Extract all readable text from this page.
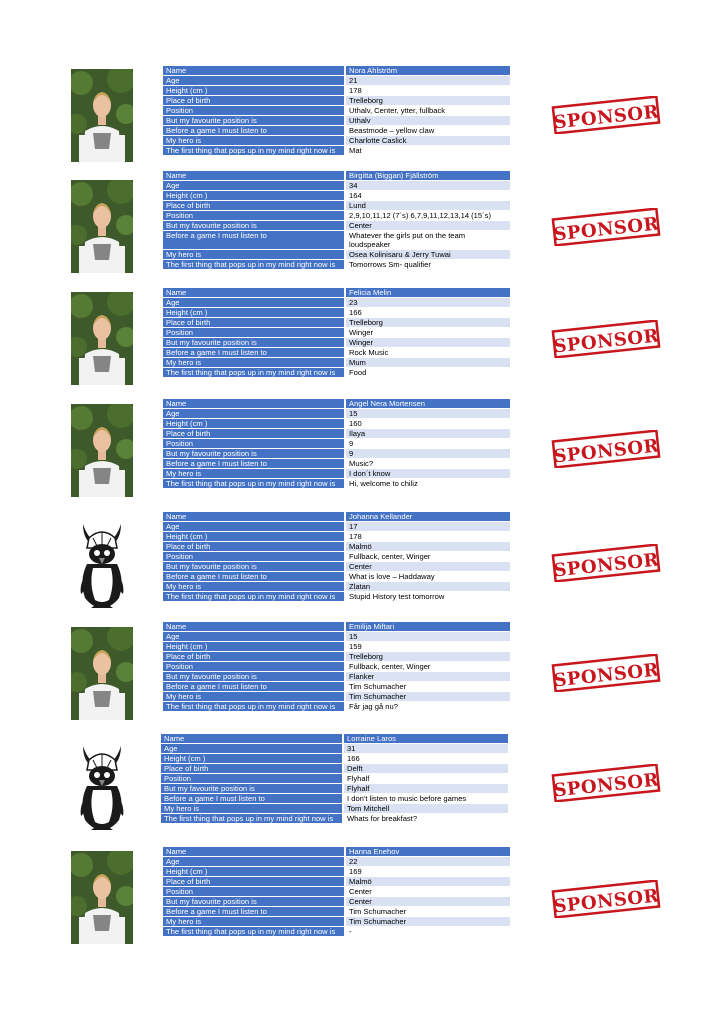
Name	Nora Ahlström
Age	21
Height (cm )	178
Place of birth	Trelleborg
Position	Uthalv, Center, ytter, fullback
But my favourite position is	Uthalv
Before a game I must listen to	Beastmode – yellow claw
My hero is	Charlotte Caslick
The first thing that pops up in my mind right now is	Mat
SPONSOR
Name	Birgitta (Biggan) Fjällström
Age	34
Height (cm )	164
Place of birth	Lund
Position	2,9,10,11,12 (7´s) 6,7,9,11,12,13,14 (15´s)
But my favourite position is	Center
Before a game I must listen to	Whatever the girls put on the team loudspeaker
My hero is	Osea Kolinisaru & Jerry Tuwai
The first thing that pops up in my mind right now is	Tomorrows Sm- qualifier
SPONSOR
Name	Felicia Melin
Age	23
Height (cm )	166
Place of birth	Trelleborg
Position	Winger
But my favourite position is	Winger
Before a game I must listen to	Rock Music
My hero is	Mum
The first thing that pops up in my mind right now is	Food
SPONSOR
Name	Angel Nera Mortensen
Age	15
Height (cm )	160
Place of birth	Ilaya
Position	9
But my favourite position is	9
Before a game I must listen to	Music?
My hero is	I don´t know
The first thing that pops up in my mind right now is	Hi, welcome to chiliz
SPONSOR
Name	Johanna Kellander
Age	17
Height (cm )	178
Place of birth	Malmö
Position	Fullback, center, Winger
But my favourite position is	Center
Before a game I must listen to	What is love – Haddaway
My hero is	Zlatan
The first thing that pops up in my mind right now is	Stupid History test tomorrow
SPONSOR
Name	Emilija Miftari
Age	15
Height (cm )	159
Place of birth	Trelleborg
Position	Fullback, center, Winger
But my favourite position is	Flanker
Before a game I must listen to	Tim Schumacher
My hero is	Tim Schumacher
The first thing that pops up in my mind right now is	Får jag gå nu?
SPONSOR
Name	Lorraine Laros
Age	31
Height (cm )	166
Place of birth	Delft
Position	Flyhalf
But my favourite position is	Flyhalf
Before a game I must listen to	I don't listen to music before games
My hero is	Tom Mitchell
The first thing that pops up in my mind right now is	Whats for breakfast?
SPONSOR
Name	Hanna Enehov
Age	22
Height (cm )	169
Place of birth	Malmö
Position	Center
But my favourite position is	Center
Before a game I must listen to	Tim Schumacher
My hero is	Tim Schumacher
The first thing that pops up in my mind right now is	-
SPONSOR
